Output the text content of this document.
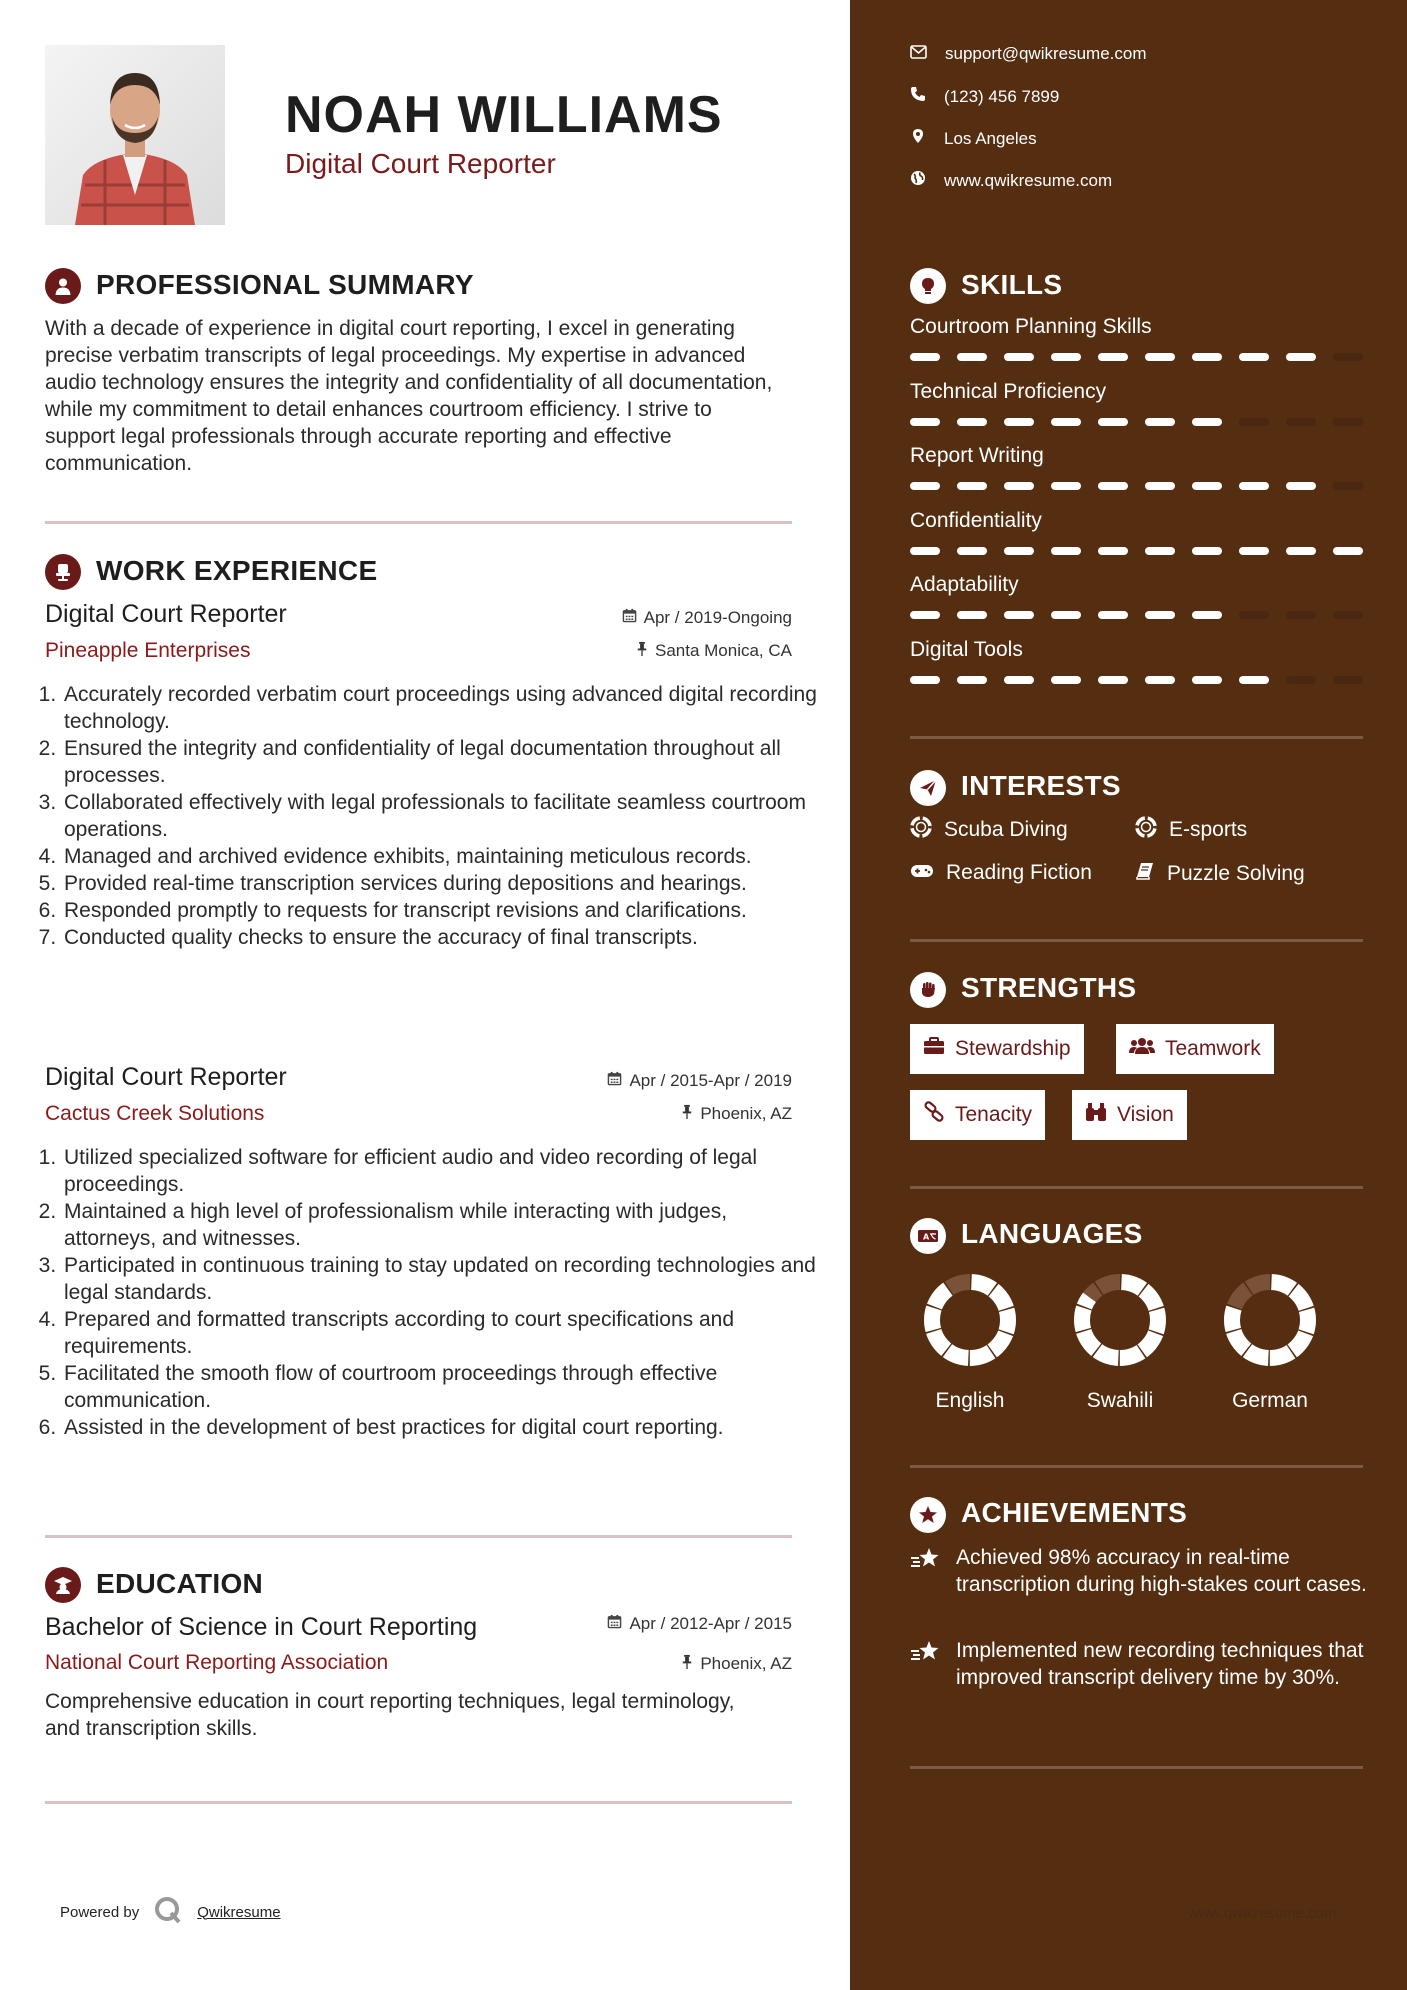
NOAH WILLIAMS
Digital Court Reporter
PROFESSIONAL SUMMARY
With a decade of experience in digital court reporting, I excel in generating precise verbatim transcripts of legal proceedings. My expertise in advanced audio technology ensures the integrity and confidentiality of all documentation, while my commitment to detail enhances courtroom efficiency. I strive to support legal professionals through accurate reporting and effective communication.
WORK EXPERIENCE
Digital Court Reporter	Apr / 2019-Ongoing
Pineapple Enterprises	Santa Monica, CA
1. Accurately recorded verbatim court proceedings using advanced digital recording technology.
2. Ensured the integrity and confidentiality of legal documentation throughout all processes.
3. Collaborated effectively with legal professionals to facilitate seamless courtroom operations.
4. Managed and archived evidence exhibits, maintaining meticulous records.
5. Provided real-time transcription services during depositions and hearings.
6. Responded promptly to requests for transcript revisions and clarifications.
7. Conducted quality checks to ensure the accuracy of final transcripts.
Digital Court Reporter	Apr / 2015-Apr / 2019
Cactus Creek Solutions	Phoenix, AZ
1. Utilized specialized software for efficient audio and video recording of legal proceedings.
2. Maintained a high level of professionalism while interacting with judges, attorneys, and witnesses.
3. Participated in continuous training to stay updated on recording technologies and legal standards.
4. Prepared and formatted transcripts according to court specifications and requirements.
5. Facilitated the smooth flow of courtroom proceedings through effective communication.
6. Assisted in the development of best practices for digital court reporting.
EDUCATION
Bachelor of Science in Court Reporting	Apr / 2012-Apr / 2015
National Court Reporting Association	Phoenix, AZ
Comprehensive education in court reporting techniques, legal terminology, and transcription skills.
Powered by	Qwikresume
support@qwikresume.com
(123) 456 7899
Los Angeles
www.qwikresume.com
SKILLS
Courtroom Planning Skills
Technical Proficiency
Report Writing
Confidentiality
Adaptability
Digital Tools
INTERESTS
Scuba Diving	E-sports
Reading Fiction	Puzzle Solving
STRENGTHS
Stewardship	Teamwork
Tenacity	Vision
A LANGUAGES
English	Swahili	German
ACHIEVEMENTS
Achieved 98% accuracy in real-time transcription during high-stakes court cases.
Implemented new recording techniques that improved transcript delivery time by 30%.
www.qwikresume.com
